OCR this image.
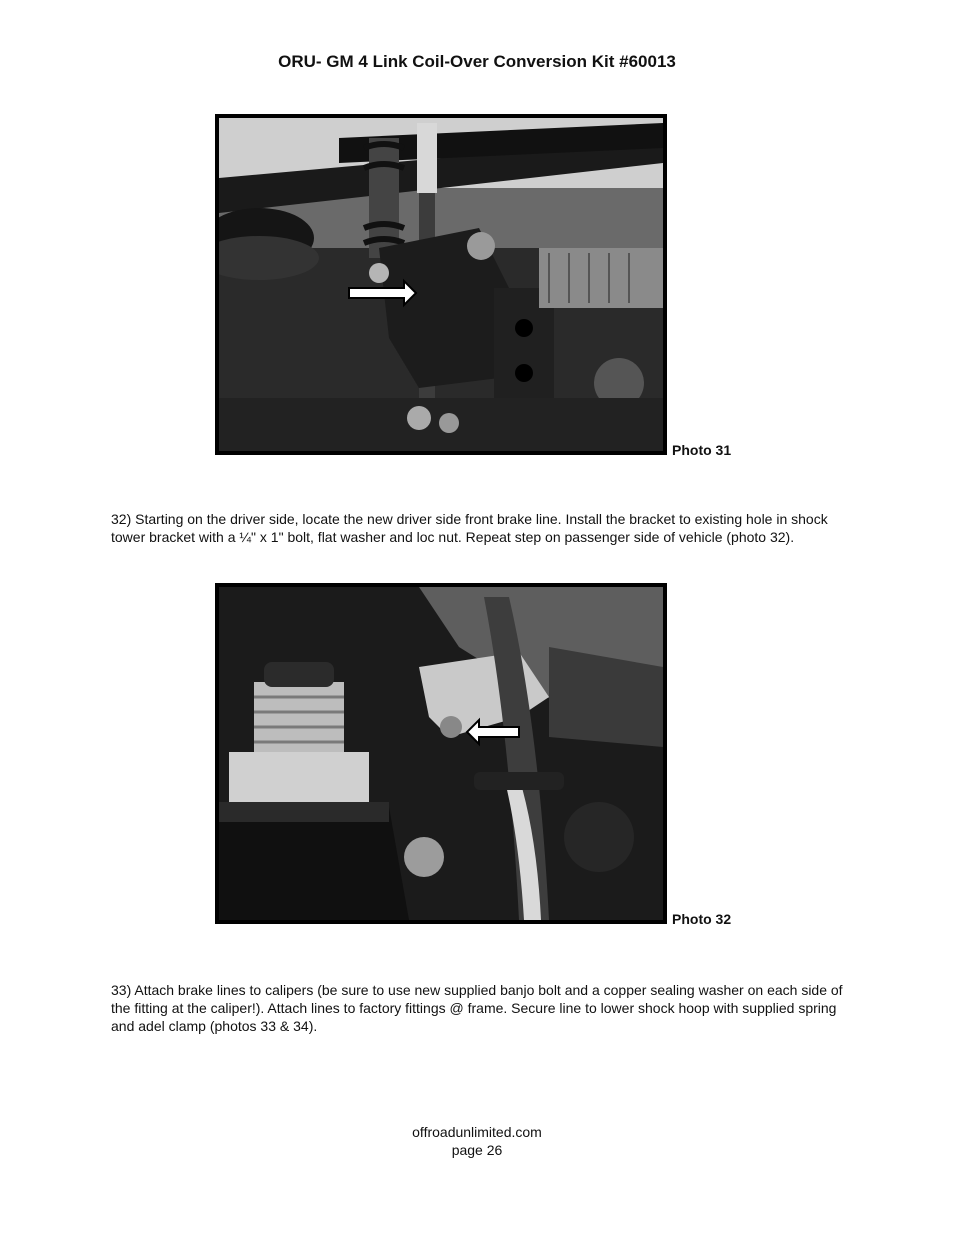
ORU- GM 4 Link Coil-Over Conversion Kit #60013
Photo 31
32) Starting on the driver side, locate the new driver side front brake line. Install the bracket to existing hole in shock tower bracket with a ¼" x 1" bolt, flat washer and loc nut. Repeat step on passenger side of vehicle (photo 32).
Photo 32
33) Attach brake lines to calipers (be sure to use new supplied banjo bolt and a copper sealing washer on each side of the fitting at the caliper!). Attach lines to factory fittings @ frame. Secure line to lower shock hoop with supplied spring and adel clamp (photos 33 & 34).
offroadunlimited.com
page 26
